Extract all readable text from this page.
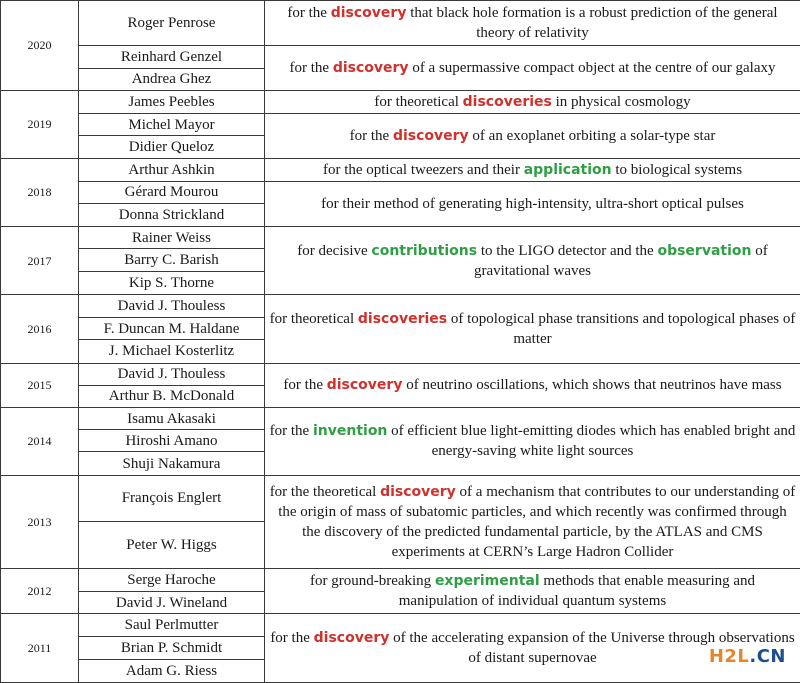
2020	Roger Penrose	for the discovery that black hole formation is a robust prediction of the general theory of relativity
	Reinhard Genzel	for the discovery of a supermassive compact object at the centre of our galaxy
	Andrea Ghez	
2019	James Peebles	for theoretical discoveries in physical cosmology
	Michel Mayor	for the discovery of an exoplanet orbiting a solar-type star
	Didier Queloz	
2018	Arthur Ashkin	for the optical tweezers and their application to biological systems
	Gérard Mourou	for their method of generating high-intensity, ultra-short optical pulses
	Donna Strickland	
2017	Rainer Weiss	for decisive contributions to the LIGO detector and the observation of gravitational waves
	Barry C. Barish	
	Kip S. Thorne	
2016	David J. Thouless	for theoretical discoveries of topological phase transitions and topological phases of matter
	F. Duncan M. Haldane	
	J. Michael Kosterlitz	
2015	David J. Thouless	for the discovery of neutrino oscillations, which shows that neutrinos have mass
	Arthur B. McDonald	
2014	Isamu Akasaki	for the invention of efficient blue light-emitting diodes which has enabled bright and energy-saving white light sources
	Hiroshi Amano	
	Shuji Nakamura	
2013	François Englert	for the theoretical discovery of a mechanism that contributes to our understanding of the origin of mass of subatomic particles, and which recently was confirmed through the discovery of the predicted fundamental particle, by the ATLAS and CMS experiments at CERN’s Large Hadron Collider
	Peter W. Higgs	
2012	Serge Haroche	for ground-breaking experimental methods that enable measuring and manipulation of individual quantum systems
	David J. Wineland	
2011	Saul Perlmutter	for the discovery of the accelerating expansion of the Universe through observations of distant supernovae
	Brian P. Schmidt	
	Adam G. Riess	
H2L.CN
